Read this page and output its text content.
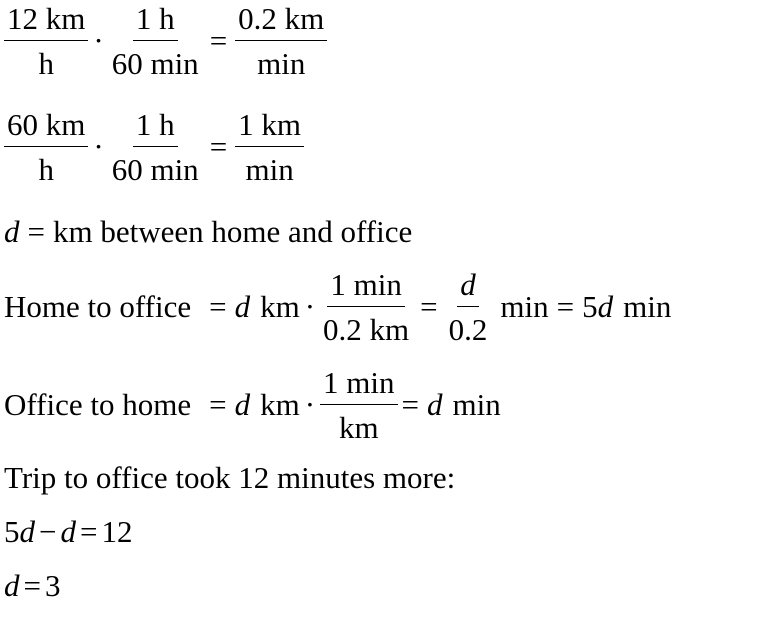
$\frac{12 km}{h} \cdot \frac{1 h}{60 \min} = \frac{0.2 km}{\min}$
$\frac{60 km}{h} \cdot \frac{1 h}{60 \min} = \frac{1 km}{\min}$
d = km between home and office
Home to office = d km · $\frac{1 \min}{0.2 km} = \frac{d}{0.2}$ min = 5 d min
Office to home = d km · $\frac{1 \min}{km} = d$ min
Trip to office took 12 minutes more:
5 d − d = 12
d = 3
